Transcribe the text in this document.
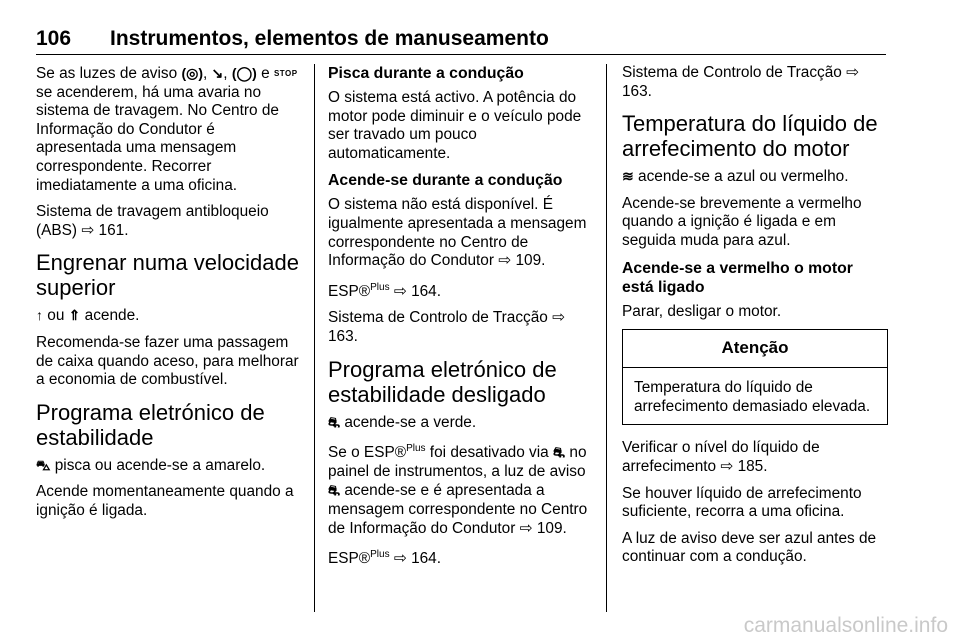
106 Instrumentos, elementos de manuseamento

Se as luzes de aviso (◎), ↘, (◯) e STOP se acenderem, há uma avaria no sistema de travagem. No Centro de Informação do Condutor é apresentada uma mensagem correspondente. Recorrer imediatamente a uma oficina.

Sistema de travagem antibloqueio (ABS) ⇨ 161.

Engrenar numa velocidade superior

↑ ou ⇑ acende.

Recomenda-se fazer uma passagem de caixa quando aceso, para melhorar a economia de combustível.

Programa eletrónico de estabilidade

⛍ pisca ou acende-se a amarelo.

Acende momentaneamente quando a ignição é ligada.

Pisca durante a condução

O sistema está activo. A potência do motor pode diminuir e o veículo pode ser travado um pouco automaticamente.

Acende-se durante a condução

O sistema não está disponível. É igualmente apresentada a mensagem correspondente no Centro de Informação do Condutor ⇨ 109.

ESP®$^{Plus}$ ⇨ 164.

Sistema de Controlo de Tracção ⇨ 163.

Programa eletrónico de estabilidade desligado

⛐ acende-se a verde.

Se o ESP®$^{Plus}$ foi desativado via ⛐ no painel de instrumentos, a luz de aviso ⛐ acende-se e é apresentada a mensagem correspondente no Centro de Informação do Condutor ⇨ 109.

ESP®$^{Plus}$ ⇨ 164.

Sistema de Controlo de Tracção ⇨ 163.

Temperatura do líquido de arrefecimento do motor

≋ acende-se a azul ou vermelho.

Acende-se brevemente a vermelho quando a ignição é ligada e em seguida muda para azul.

Acende-se a vermelho o motor está ligado

Parar, desligar o motor.

Atenção
Temperatura do líquido de arrefecimento demasiado elevada.

Verificar o nível do líquido de arrefecimento ⇨ 185.

Se houver líquido de arrefecimento suficiente, recorra a uma oficina.

A luz de aviso deve ser azul antes de continuar com a condução.

carmanualsonline.info
